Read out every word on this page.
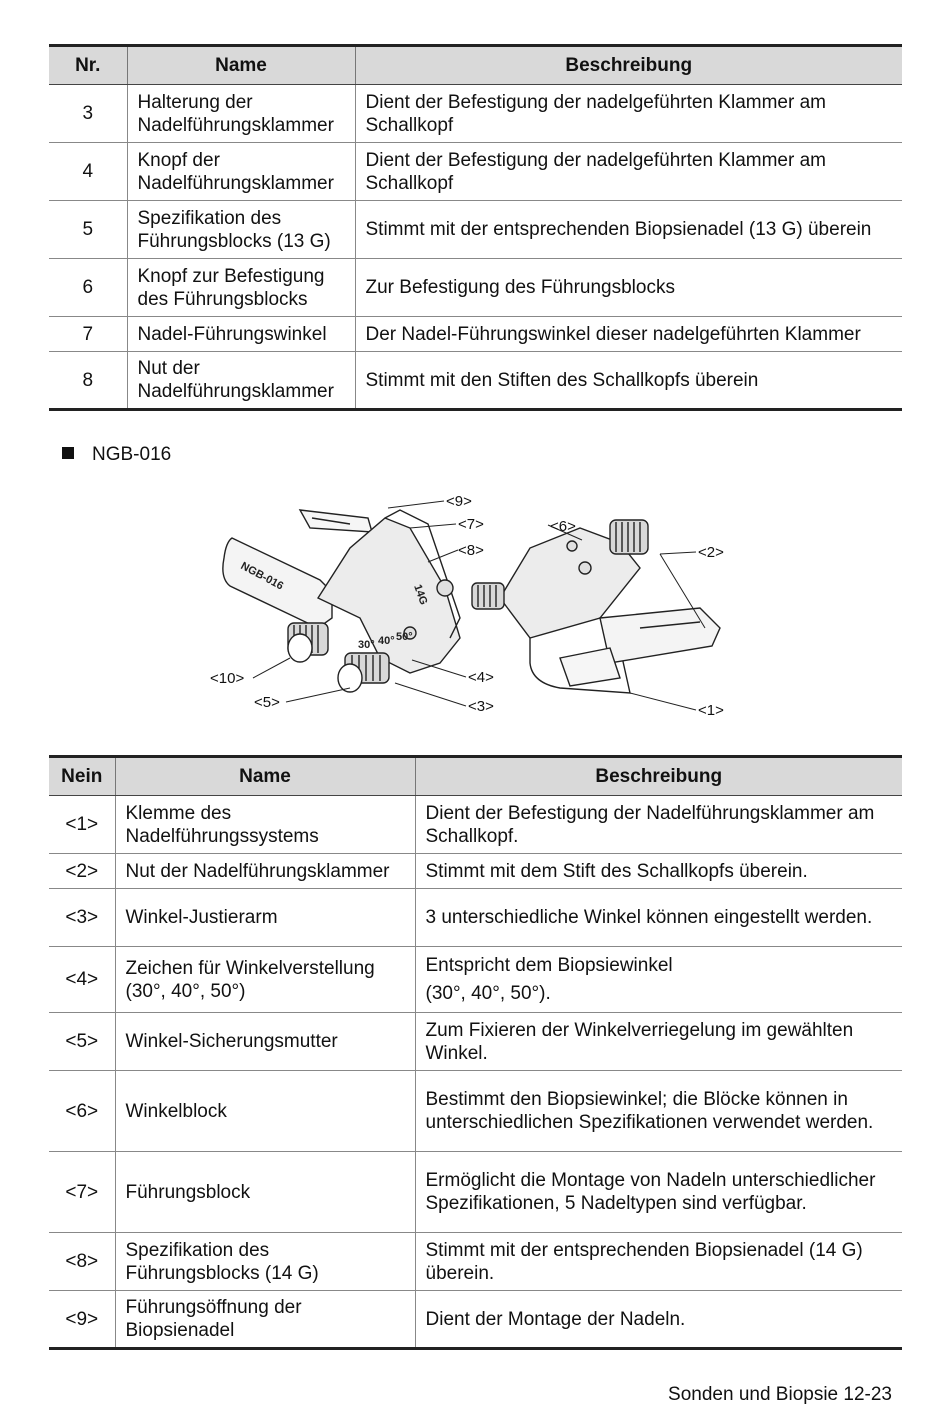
Nr.	Name	Beschreibung
3	Halterung der Nadelführungsklammer	Dient der Befestigung der nadelgeführten Klammer am Schallkopf
4	Knopf der Nadelführungsklammer	Dient der Befestigung der nadelgeführten Klammer am Schallkopf
5	Spezifikation des Führungsblocks (13 G)	Stimmt mit der entsprechenden Biopsienadel (13 G) überein
6	Knopf zur Befestigung des Führungsblocks	Zur Befestigung des Führungsblocks
7	Nadel-Führungswinkel	Der Nadel-Führungswinkel dieser nadelgeführten Klammer
8	Nut der Nadelführungsklammer	Stimmt mit den Stiften des Schallkopfs überein
NGB-016
NGB-016
14G
30° 40° 50°
<9>
<7>
<8>
<6>
<2>
<10>
<5>
<4>
<3>	<1>
Nein	Name	Beschreibung
<1>	Klemme des Nadelführungssystems	Dient der Befestigung der Nadelführungsklammer am Schallkopf.
<2>	Nut der Nadelführungsklammer	Stimmt mit dem Stift des Schallkopfs überein.
<3>	Winkel-Justierarm	3 unterschiedliche Winkel können eingestellt werden.
<4>	Zeichen für Winkelverstellung (30°, 40°, 50°)	Entspricht dem Biopsiewinkel
(30°, 40°, 50°).
<5>	Winkel-Sicherungsmutter	Zum Fixieren der Winkelverriegelung im gewählten Winkel.
<6>	Winkelblock	Bestimmt den Biopsiewinkel; die Blöcke können in unterschiedlichen Spezifikationen verwendet werden.
<7>	Führungsblock	Ermöglicht die Montage von Nadeln unterschiedlicher Spezifikationen, 5 Nadeltypen sind verfügbar.
<8>	Spezifikation des Führungsblocks (14 G)	Stimmt mit der entsprechenden Biopsienadel (14 G) überein.
<9>	Führungsöffnung der Biopsienadel	Dient der Montage der Nadeln.
Sonden und Biopsie 12-23
